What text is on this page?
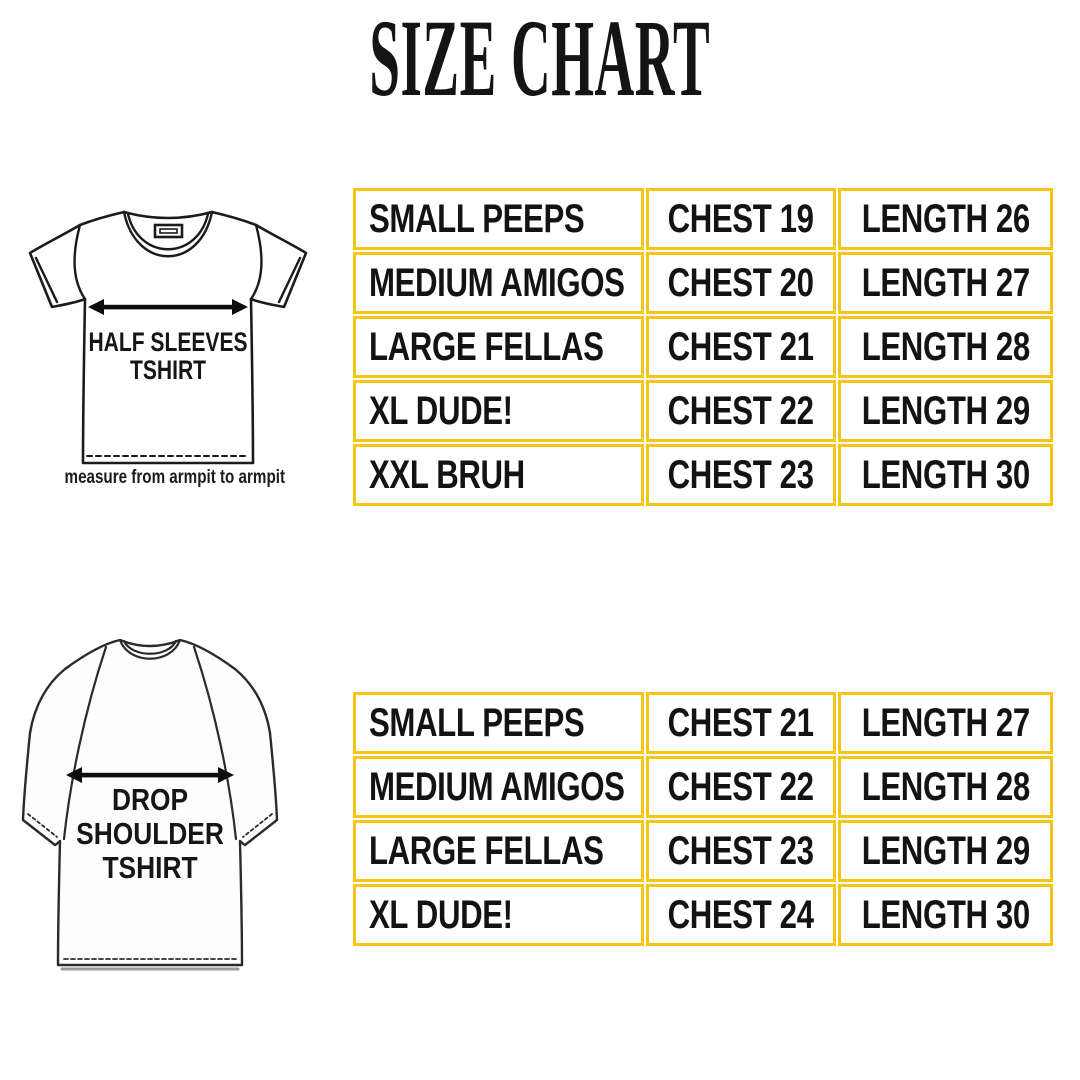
SIZE CHART
HALF SLEEVES
TSHIRT
measure from armpit to armpit
DROP
SHOULDER
TSHIRT
SMALL PEEPS CHEST 19 LENGTH 26
MEDIUM AMIGOS CHEST 20 LENGTH 27
LARGE FELLAS CHEST 21 LENGTH 28
XL DUDE!	CHEST 22 LENGTH 29
XXL BRUH	CHEST 23 LENGTH 30
SMALL PEEPS CHEST 21 LENGTH 27
MEDIUM AMIGOS CHEST 22 LENGTH 28
LARGE FELLAS CHEST 23 LENGTH 29
XL DUDE!	CHEST 24 LENGTH 30
